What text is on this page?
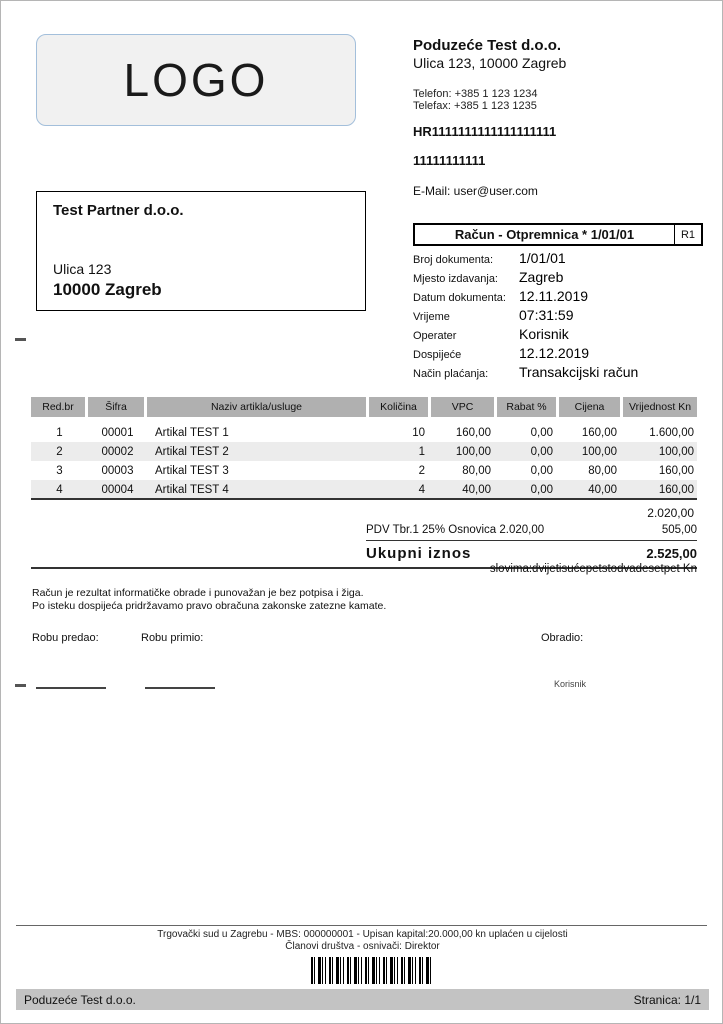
LOGO
Poduzeće Test d.o.o.
Ulica 123, 10000 Zagreb
Telefon: +385 1 123 1234
Telefax: +385 1 123 1235
HR1111111111111111111
11111111111
E-Mail: user@user.com
Test Partner d.o.o.
Ulica 123
10000 Zagreb
Račun - Otpremnica * 1/01/01	R1
Broj dokumenta:	1/01/01
Mjesto izdavanja:	Zagreb
Datum dokumenta: 12.11.2019
Vrijeme	07:31:59
Operater	Korisnik
Dospijeće	12.12.2019
Način plaćanja:	Transakcijski račun
Red.br	Šifra	Naziv artikla/usluge	Količina	VPC	Rabat %	Cijena	Vrijednost Kn
1	00001	Artikal TEST 1	10	160,00	0,00	160,00	1.600,00
2	00002	Artikal TEST 2	1	100,00	0,00	100,00	100,00
3	00003	Artikal TEST 3	2	80,00	0,00	80,00	160,00
4	00004	Artikal TEST 4	4	40,00	0,00	40,00	160,00
2.020,00
PDV Tbr.1 25% Osnovica 2.020,00	505,00
Ukupni iznos	2.525,00
slovima:dvijetisućepetstodvadesetpet Kn
Račun je rezultat informatičke obrade i punovažan je bez potpisa i žiga.
Po isteku dospijeća pridržavamo pravo obračuna zakonske zatezne kamate.
Robu predao:	Robu primio:	Obradio:
Korisnik
Trgovački sud u Zagrebu - MBS: 000000001 - Upisan kapital:20.000,00 kn uplaćen u cijelosti
Članovi društva - osnivači: Direktor
Poduzeće Test d.o.o.	Stranica: 1/1
